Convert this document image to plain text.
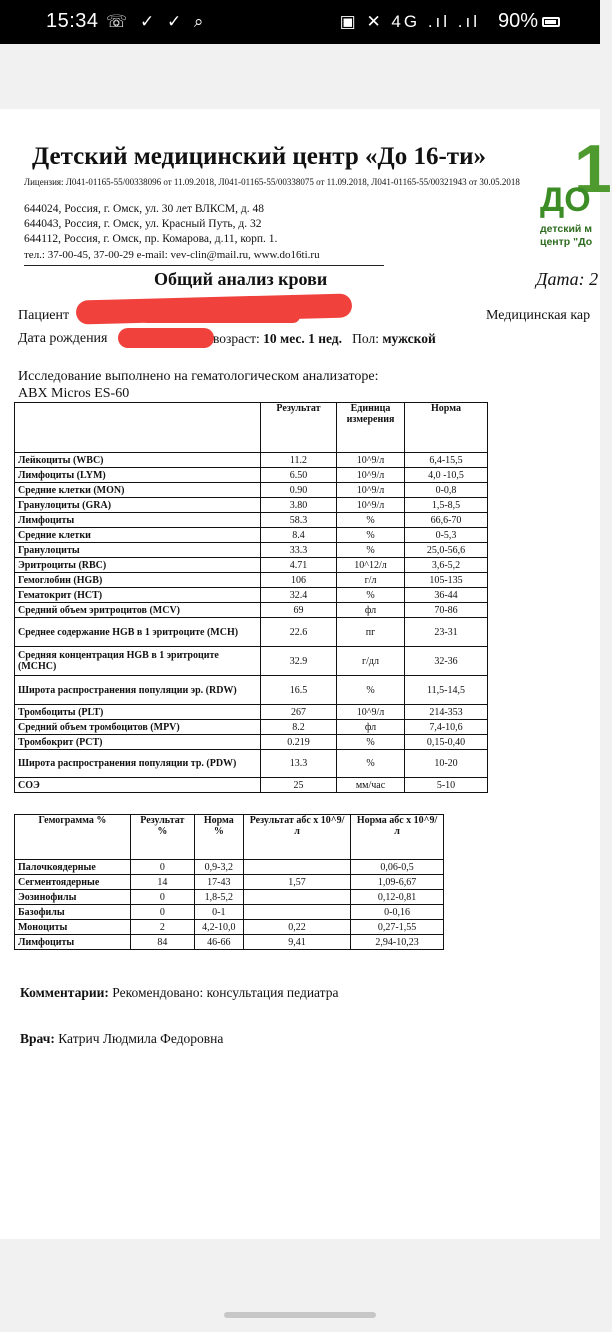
15:34 ☏ ✓ ✓ ⌕	▣ ✕ 4G .ıl .ıl 90%
Детский медицинский центр «До 16-ти»
Лицензия: Л041-01165-55/00338096 от 11.09.2018, Л041-01165-55/00338075 от 11.09.2018, Л041-01165-55/00321943 от 30.05.2018
644024, Россия, г. Омск, ул. 30 лет ВЛКСМ, д. 48
644043, Россия, г. Омск, ул. Красный Путь, д. 32
644112, Россия, г. Омск, пр. Комарова, д.11, корп. 1.
тел.: 37-00-45, 37-00-29 e-mail: vev-clin@mail.ru, www.do16ti.ru
1
ДО
детский м
центр "До
Общий анализ крови	Дата: 2
Пациент	Медицинская кар
Дата рождения	возраст: 10 мес. 1 нед. Пол: мужской
Исследование выполнено на гематологическом анализаторе:
ABX Micros ES-60
	Результат	Единица измерения	Норма
Лейкоциты (WBC)	11.2	10^9/л	6,4-15,5
Лимфоциты (LYM)	6.50	10^9/л	4,0 -10,5
Средние клетки (MON)	0.90	10^9/л	0-0,8
Гранулоциты (GRA)	3.80	10^9/л	1,5-8,5
Лимфоциты	58.3	%	66,6-70
Средние клетки	8.4	%	0-5,3
Гранулоциты	33.3	%	25,0-56,6
Эритроциты (RBC)	4.71	10^12/л	3,6-5,2
Гемоглобин (HGB)	106	г/л	105-135
Гематокрит (HCT)	32.4	%	36-44
Средний объем эритроцитов (MCV)	69	фл	70-86
Среднее содержание HGB в 1 эритроците (MCH)	22.6	пг	23-31
Средняя концентрация HGB в 1 эритроците (MCHC)	32.9	г/дл	32-36
Широта распространения популяции эр. (RDW)	16.5	%	11,5-14,5
Тромбоциты (PLT)	267	10^9/л	214-353
Средний объем тромбоцитов (MPV)	8.2	фл	7,4-10,6
Тромбокрит (PCT)	0.219	%	0,15-0,40
Широта распространения популяции тр. (PDW)	13.3	%	10-20
СОЭ	25	мм/час	5-10
Гемограмма %	Результат %	Норма %	Результат абс x 10^9/л	Норма абс x 10^9/л
Палочкоядерные	0	0,9-3,2		0,06-0,5
Сегментоядерные	14	17-43	1,57	1,09-6,67
Эозинофилы	0	1,8-5,2		0,12-0,81
Базофилы	0	0-1		0-0,16
Моноциты	2	4,2-10,0	0,22	0,27-1,55
Лимфоциты	84	46-66	9,41	2,94-10,23
Комментарии: Рекомендовано: консультация педиатра
Врач: Катрич Людмила Федоровна
